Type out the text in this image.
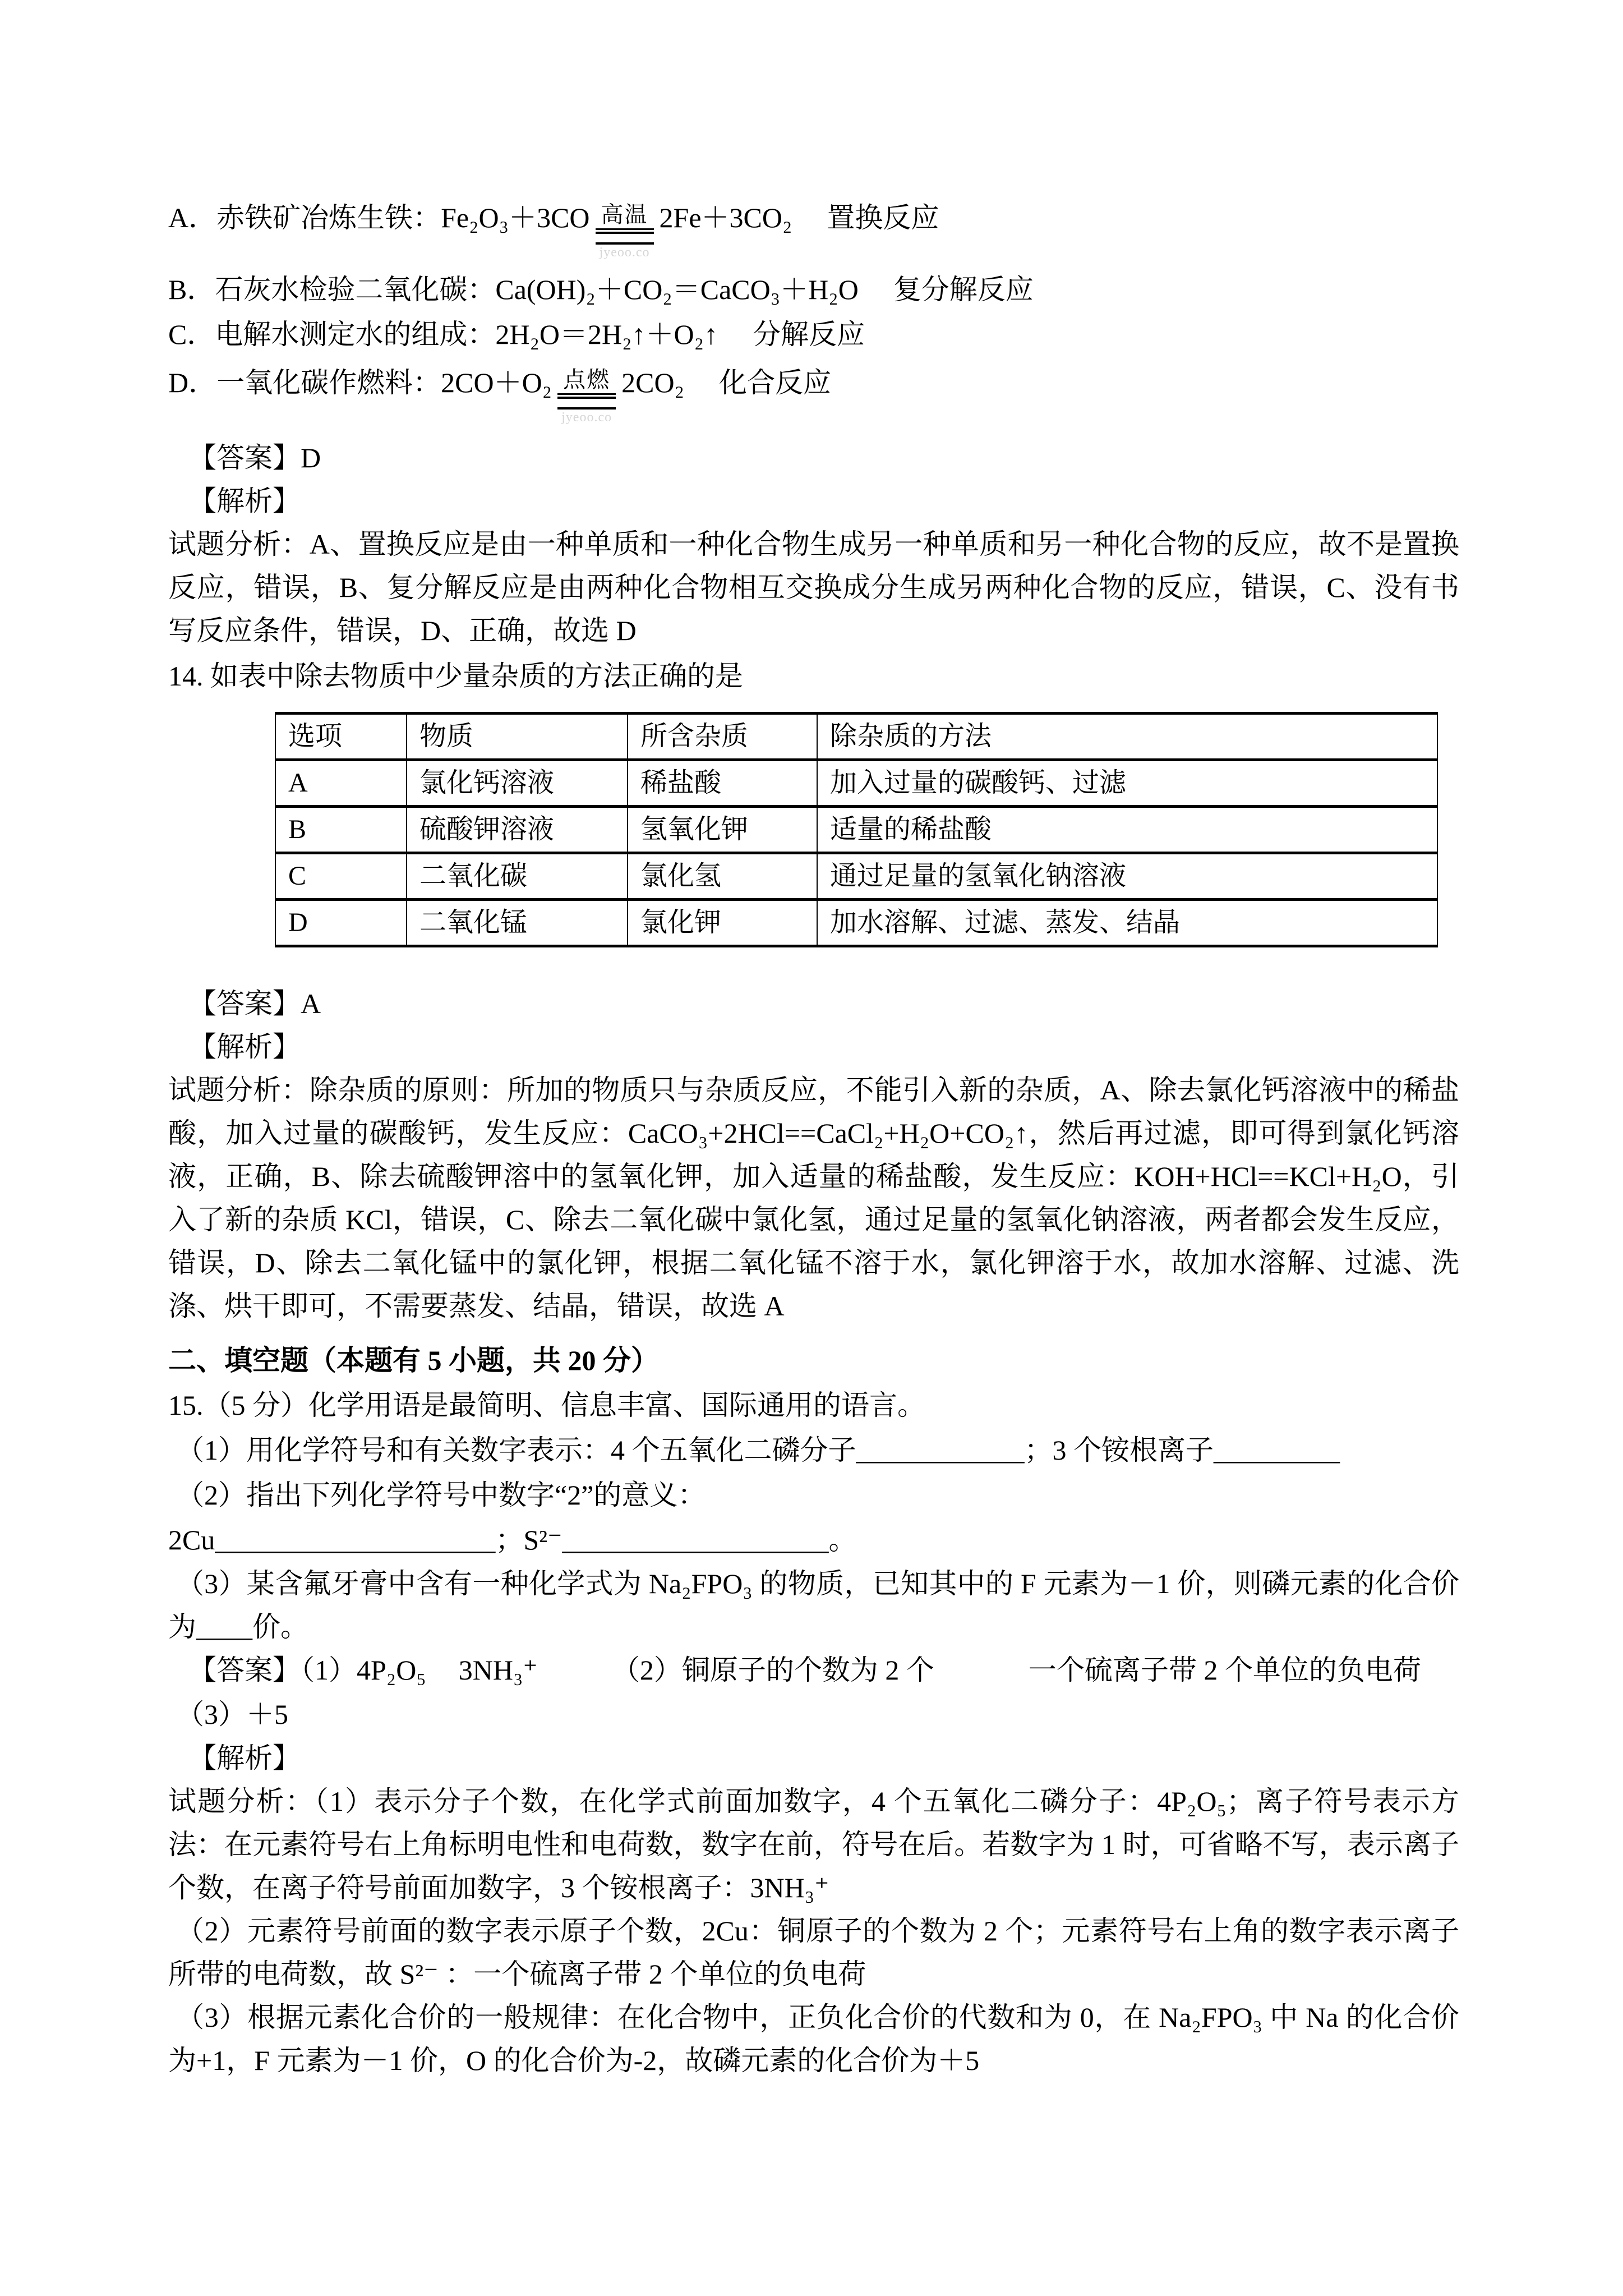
A．赤铁矿冶炼生铁：Fe₂O₃＋3CO 高温
jyeoo.co
2Fe＋3CO₂ 置换反应
B．石灰水检验二氧化碳：Ca(OH)₂＋CO₂＝CaCO₃＋H₂O 复分解反应
C．电解水测定水的组成：2H₂O＝2H₂↑＋O₂↑ 分解反应
D．一氧化碳作燃料：2CO＋O₂ 点燃
jyeoo.co
2CO₂ 化合反应
【答案】D
【解析】

试题分析：A、置换反应是由一种单质和一种化合物生成另一种单质和另一种化合物的反应，故不是置换反应，错误，B、复分解反应是由两种化合物相互交换成分生成另两种化合物的反应，错误，C、没有书写反应条件，错误，D、正确，故选 D

14. 如表中除去物质中少量杂质的方法正确的是
选项	物质	所含杂质	除杂质的方法
A	氯化钙溶液	稀盐酸	加入过量的碳酸钙、过滤
B	硫酸钾溶液	氢氧化钾	适量的稀盐酸
C	二氧化碳	氯化氢	通过足量的氢氧化钠溶液
D	二氧化锰	氯化钾	加水溶解、过滤、蒸发、结晶
【答案】A
【解析】

试题分析：除杂质的原则：所加的物质只与杂质反应，不能引入新的杂质，A、除去氯化钙溶液中的稀盐酸，加入过量的碳酸钙，发生反应：CaCO₃+2HCl==CaCl₂+H₂O+CO₂↑，然后再过滤，即可得到氯化钙溶液，正确，B、除去硫酸钾溶中的氢氧化钾，加入适量的稀盐酸，发生反应：KOH+HCl==KCl+H₂O，引入了新的杂质 KCl，错误，C、除去二氧化碳中氯化氢，通过足量的氢氧化钠溶液，两者都会发生反应，错误，D、除去二氧化锰中的氯化钾，根据二氧化锰不溶于水，氯化钾溶于水，故加水溶解、过滤、洗涤、烘干即可，不需要蒸发、结晶，错误，故选 A

二、填空题（本题有 5 小题，共 20 分）
15.（5 分）化学用语是最简明、信息丰富、国际通用的语言。
（1）用化学符号和有关数字表示：4 个五氧化二磷分子____________；3 个铵根离子_________
（2）指出下列化学符号中数字“2”的意义：
2Cu____________________；S²⁻___________________。

（3）某含氟牙膏中含有一种化学式为 Na₂FPO₃ 的物质，已知其中的 F 元素为－1 价，则磷元素的化合价为____价。

【答案】（1）4P₂O₅ 3NH₃⁺	（2）铜原子的个数为 2 个	一个硫离子带 2 个单位的负电荷
（3）＋5
【解析】

试题分析：（1）表示分子个数，在化学式前面加数字，4 个五氧化二磷分子：4P₂O₅；离子符号表示方法：在元素符号右上角标明电性和电荷数，数字在前，符号在后。若数字为 1 时，可省略不写，表示离子个数，在离子符号前面加数字，3 个铵根离子：3NH₃⁺

（2）元素符号前面的数字表示原子个数，2Cu：铜原子的个数为 2 个；元素符号右上角的数字表示离子所带的电荷数，故 S²⁻ ：一个硫离子带 2 个单位的负电荷

（3）根据元素化合价的一般规律：在化合物中，正负化合价的代数和为 0，在 Na₂FPO₃ 中 Na 的化合价为+1，F 元素为－1 价，O 的化合价为-2，故磷元素的化合价为＋5
